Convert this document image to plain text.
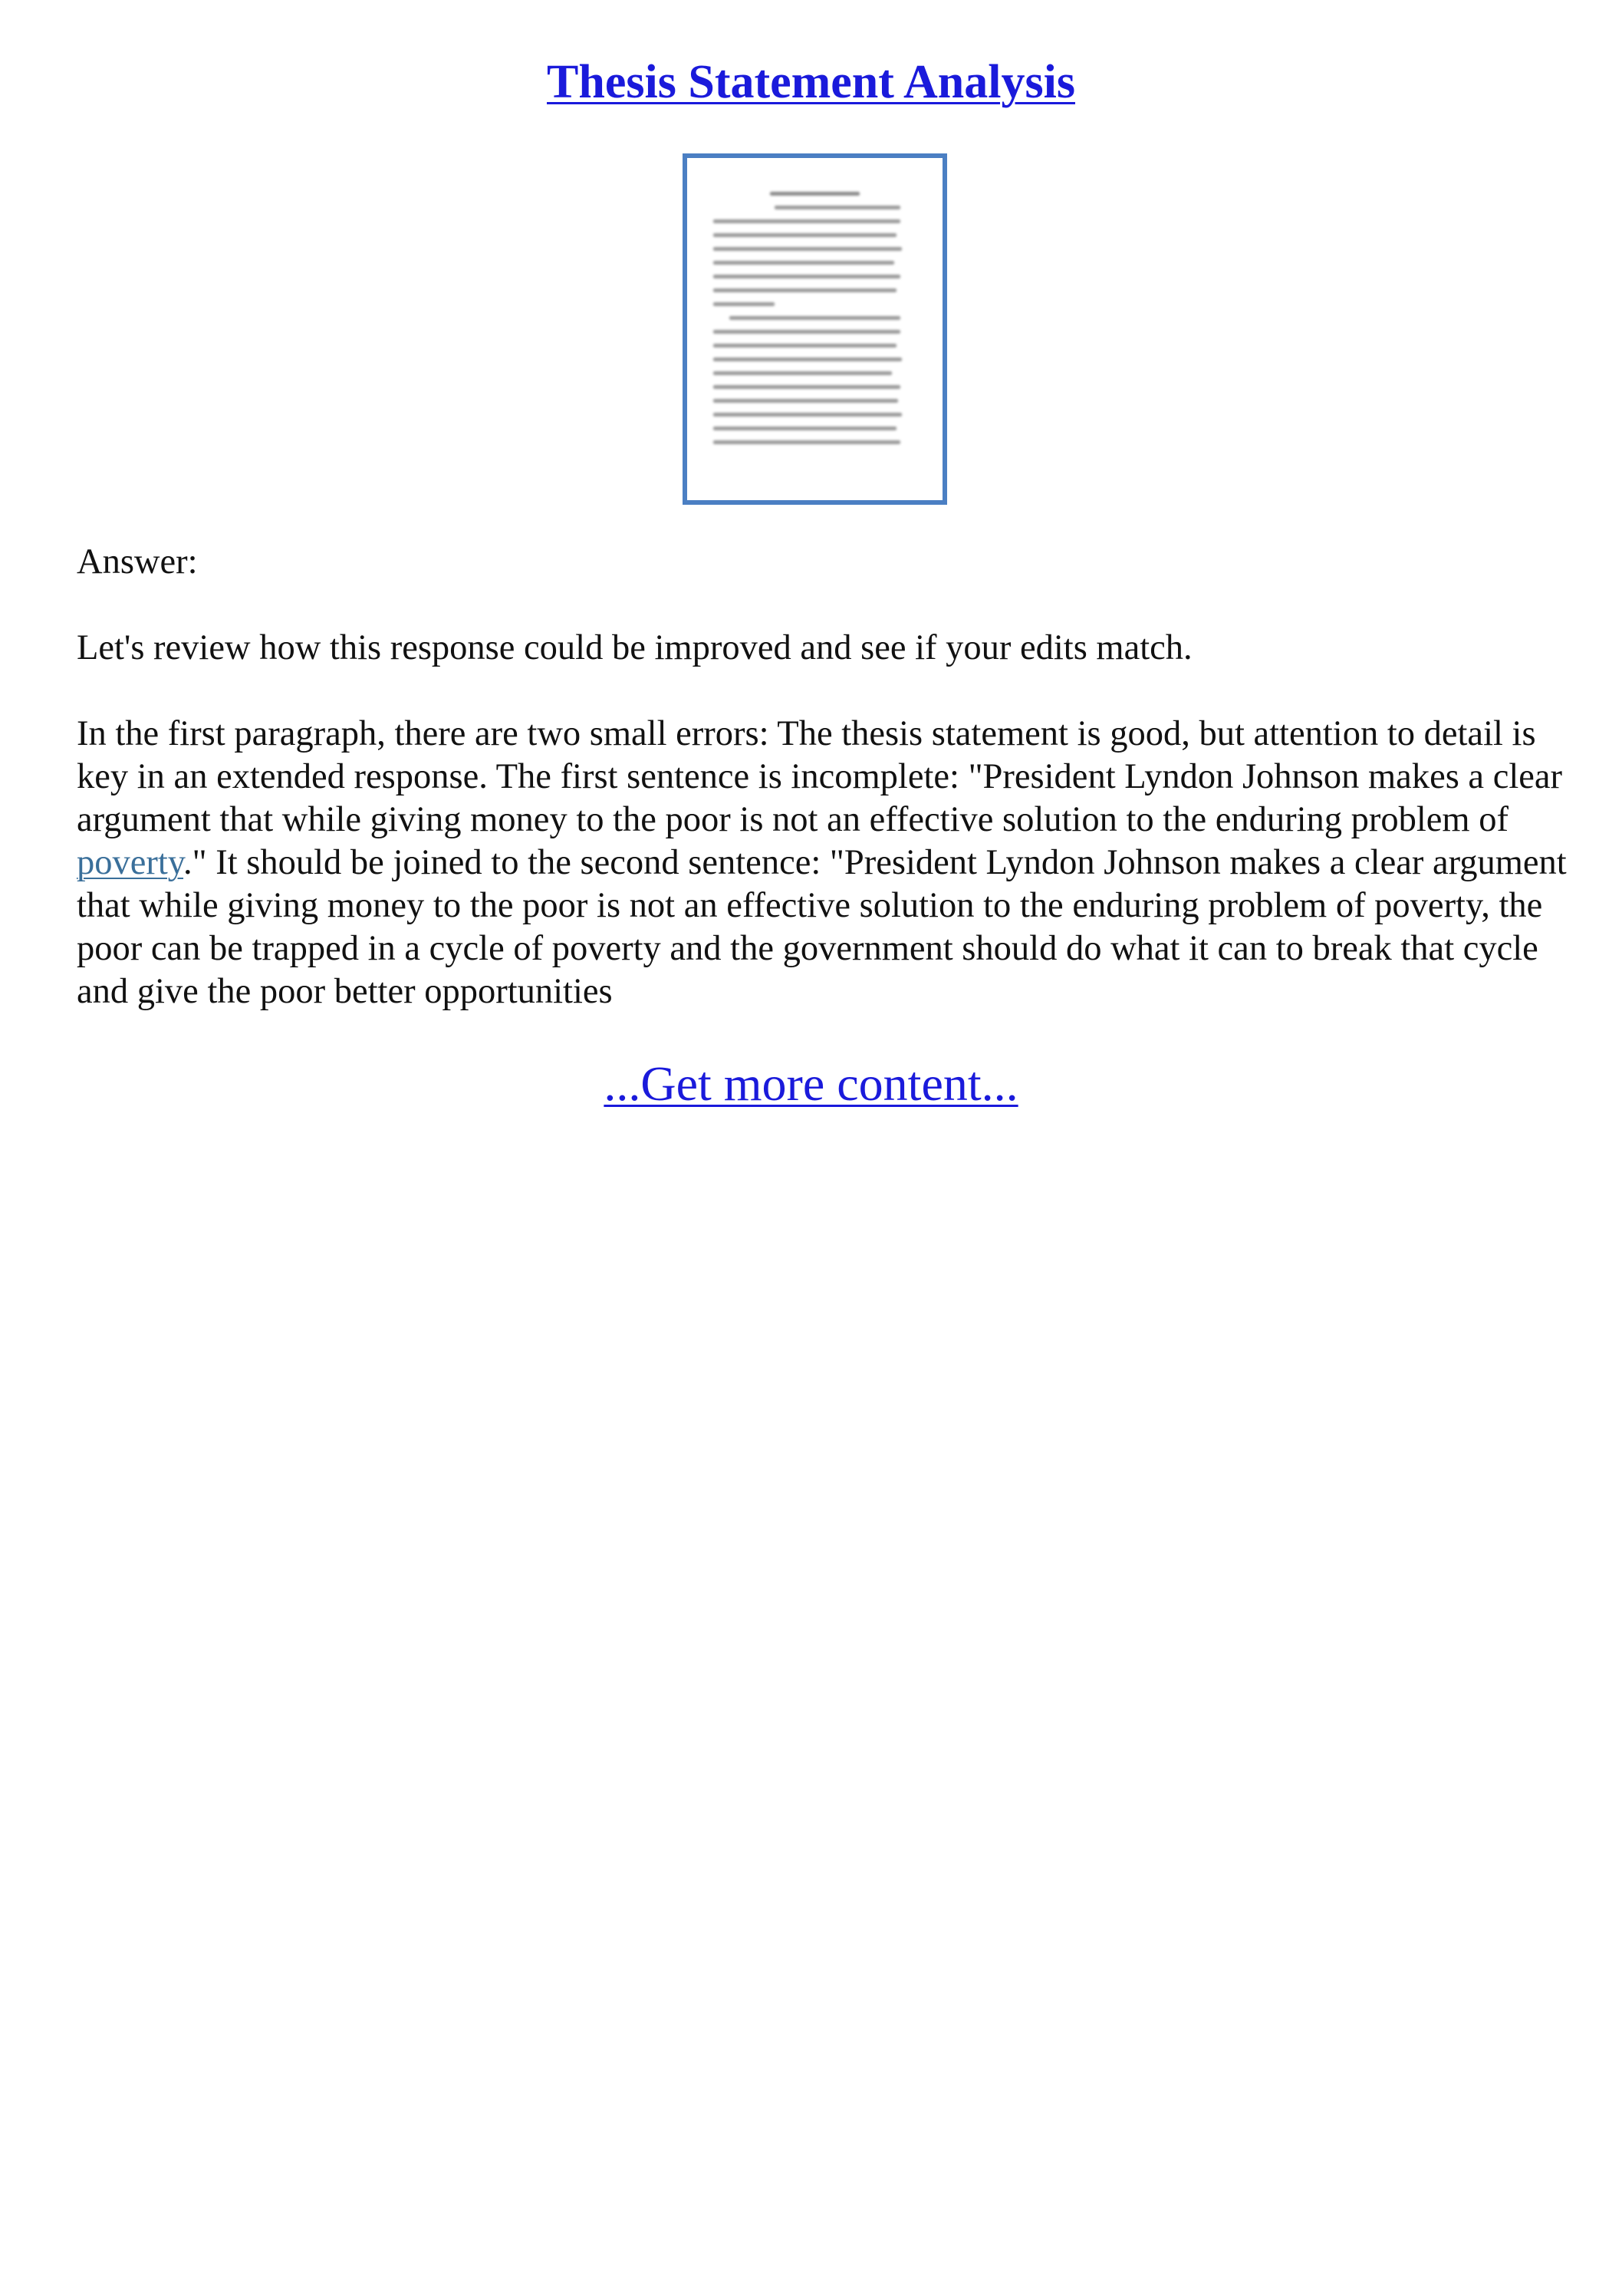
Thesis Statement Analysis

Answer:

Let's review how this response could be improved and see if your edits match.

In the first paragraph, there are two small errors: The thesis statement is good, but attention to detail is key in an extended response. The first sentence is incomplete: "President Lyndon Johnson makes a clear argument that while giving money to the poor is not an effective solution to the enduring problem of poverty." It should be joined to the second sentence: "President Lyndon Johnson makes a clear argument that while giving money to the poor is not an effective solution to the enduring problem of poverty, the poor can be trapped in a cycle of poverty and the government should do what it can to break that cycle and give the poor better opportunities

...Get more content...
